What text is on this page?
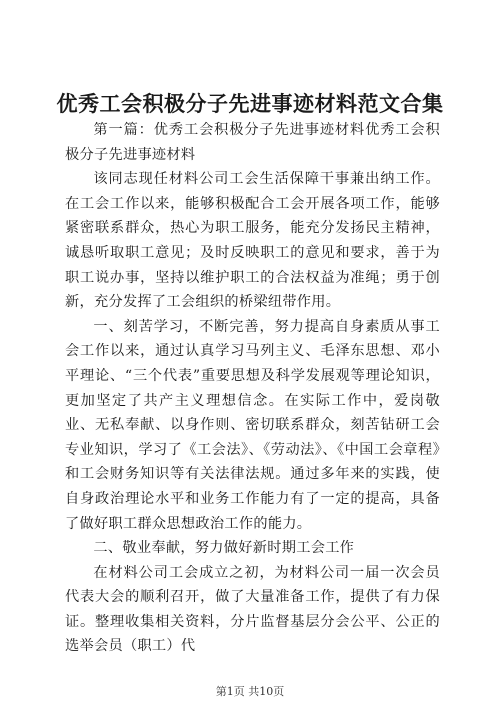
优秀工会积极分子先进事迹材料范文合集

第一篇：优秀工会积极分子先进事迹材料优秀工会积极分子先进事迹材料

该同志现任材料公司工会生活保障干事兼出纳工作。在工会工作以来，能够积极配合工会开展各项工作，能够紧密联系群众，热心为职工服务，能充分发扬民主精神，诚恳听取职工意见；及时反映职工的意见和要求，善于为职工说办事，坚持以维护职工的合法权益为准绳；勇于创新，充分发挥了工会组织的桥梁纽带作用。

一、刻苦学习，不断完善，努力提高自身素质从事工会工作以来，通过认真学习马列主义、毛泽东思想、邓小平理论、“三个代表”重要思想及科学发展观等理论知识，更加坚定了共产主义理想信念。在实际工作中，爱岗敬业、无私奉献、以身作则、密切联系群众，刻苦钻研工会专业知识，学习了《工会法》、《劳动法》、《中国工会章程》和工会财务知识等有关法律法规。通过多年来的实践，使自身政治理论水平和业务工作能力有了一定的提高，具备了做好职工群众思想政治工作的能力。

二、敬业奉献，努力做好新时期工会工作

在材料公司工会成立之初，为材料公司一届一次会员代表大会的顺利召开，做了大量准备工作，提供了有力保证。整理收集相关资料，分片监督基层分会公平、公正的选举会员（职工）代

第1页 共10页
